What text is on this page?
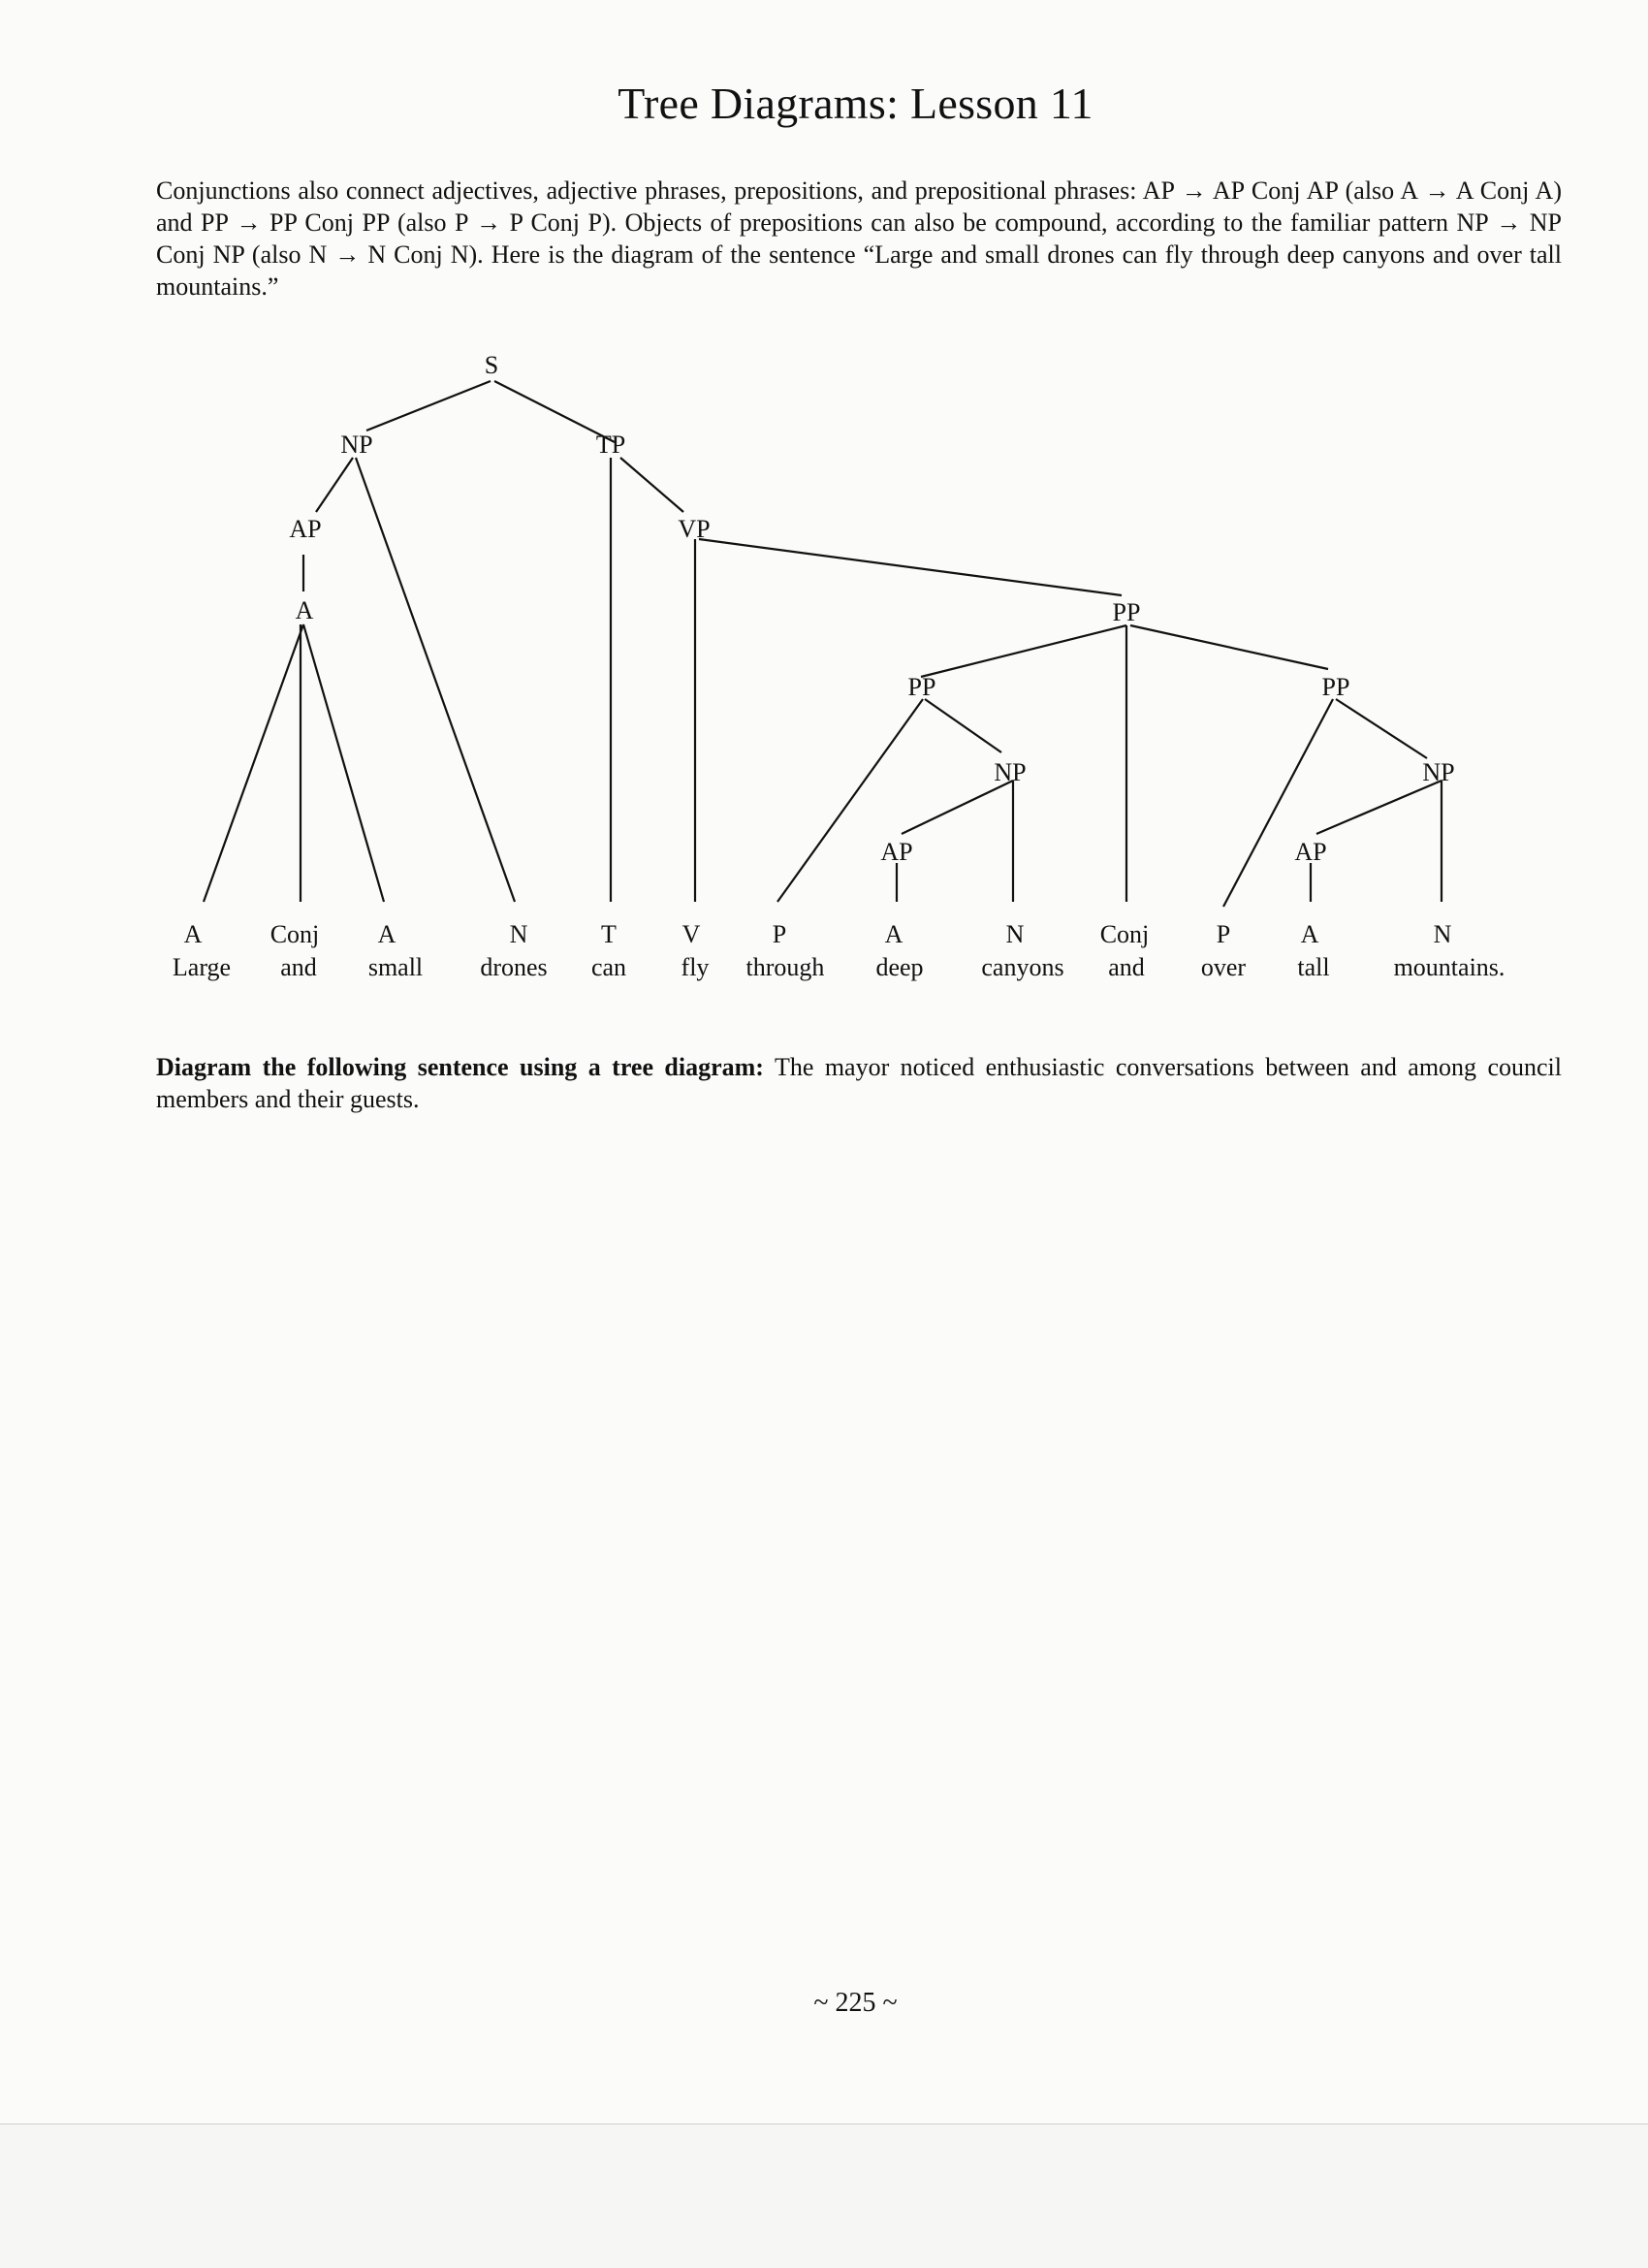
Tree Diagrams: Lesson 11

Conjunctions also connect adjectives, adjective phrases, prepositions, and prepositional phrases: AP → AP Conj AP (also A → A Conj A) and PP → PP Conj PP (also P → P Conj P). Objects of prepositions can also be compound, according to the familiar pattern NP → NP Conj NP (also N → N Conj N). Here is the diagram of the sentence “Large and small drones can fly through deep canyons and over tall mountains.”

S
NP	TP
AP
A
VP
PP
PP
NP
AP
PP
NP
AP
A	Conj A	N	T	V	P	A	N	Conj	P	A	N
Large and small drones can fly through deep canyons and over tall	mountains.

Diagram the following sentence using a tree diagram: The mayor noticed enthusiastic conversations between and among council members and their guests.

~ 225 ~
